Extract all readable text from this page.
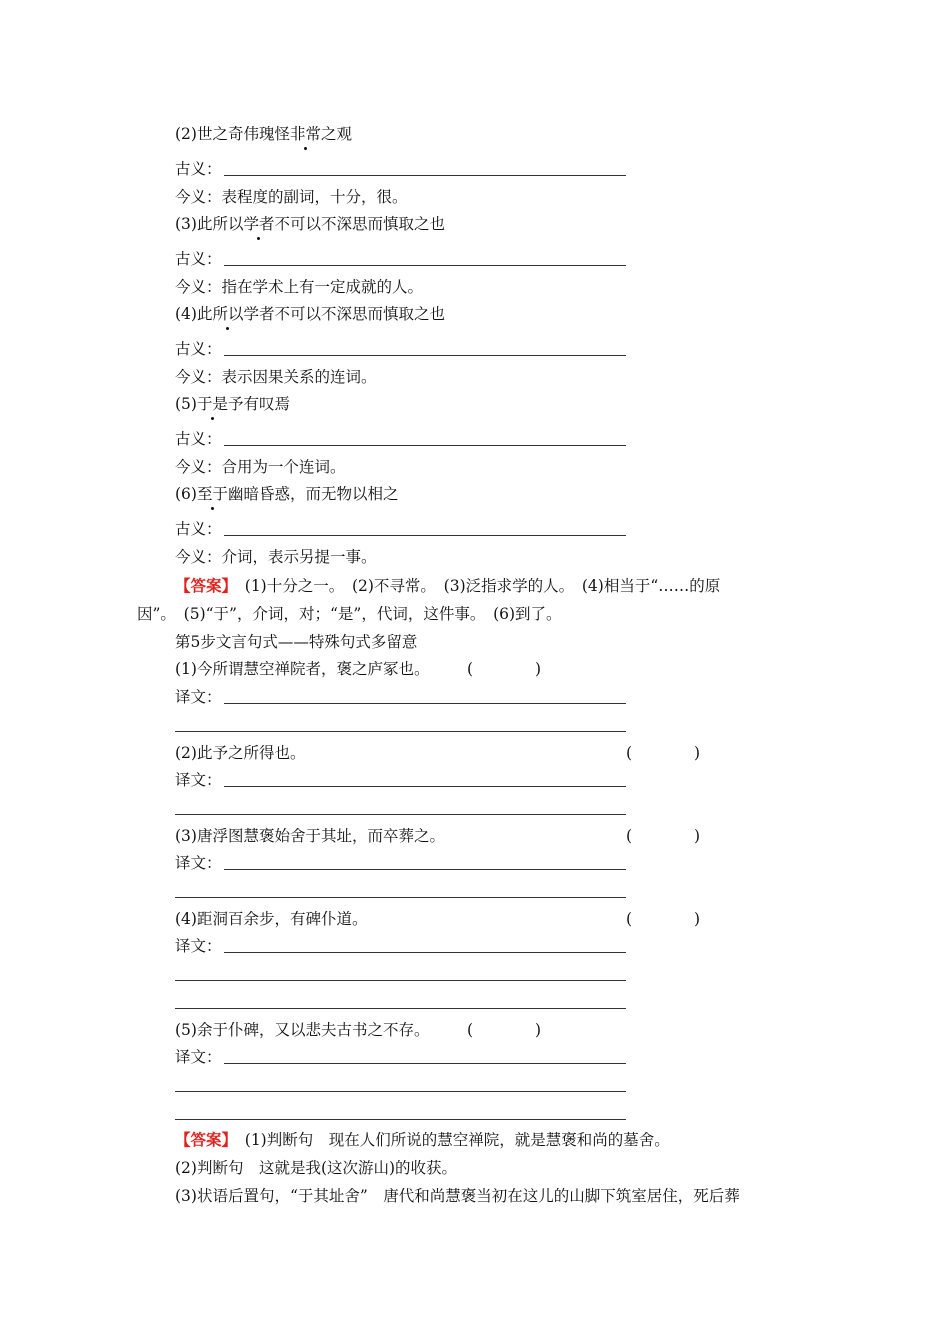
(2)世之奇伟瑰怪非常之观
古义：
今义：表程度的副词，十分，很。
(3)此所以学者不可以不深思而慎取之也
古义：
今义：指在学术上有一定成就的人。
(4)此所以学者不可以不深思而慎取之也
古义：
今义：表示因果关系的连词。
(5)于是予有叹焉
古义：
今义：合用为一个连词。
(6)至于幽暗昏惑，而无物以相之
古义：
今义：介词，表示另提一事。
【答案】　(1)十分之一。　(2)不寻常。　(3)泛指求学的人。　(4)相当于“……的原
因”。　(5)“于”，介词，对；“是”，代词，这件事。　(6)到了。
第5步文言句式——特殊句式多留意
(1)今所谓慧空禅院者，褒之庐冢也。 (　　　　)
译文：
(2)此予之所得也。	(　　　　)
译文：
(3)唐浮图慧褒始舍于其址，而卒葬之。	(　　　　)
译文：
(4)距洞百余步，有碑仆道。	(　　　　)
译文：
(5)余于仆碑，又以悲夫古书之不存。 (　　　　)
译文：
【答案】　(1)判断句　现在人们所说的慧空禅院，就是慧褒和尚的墓舍。
(2)判断句　这就是我(这次游山)的收获。
(3)状语后置句，“于其址舍”　唐代和尚慧褒当初在这儿的山脚下筑室居住，死后葬
